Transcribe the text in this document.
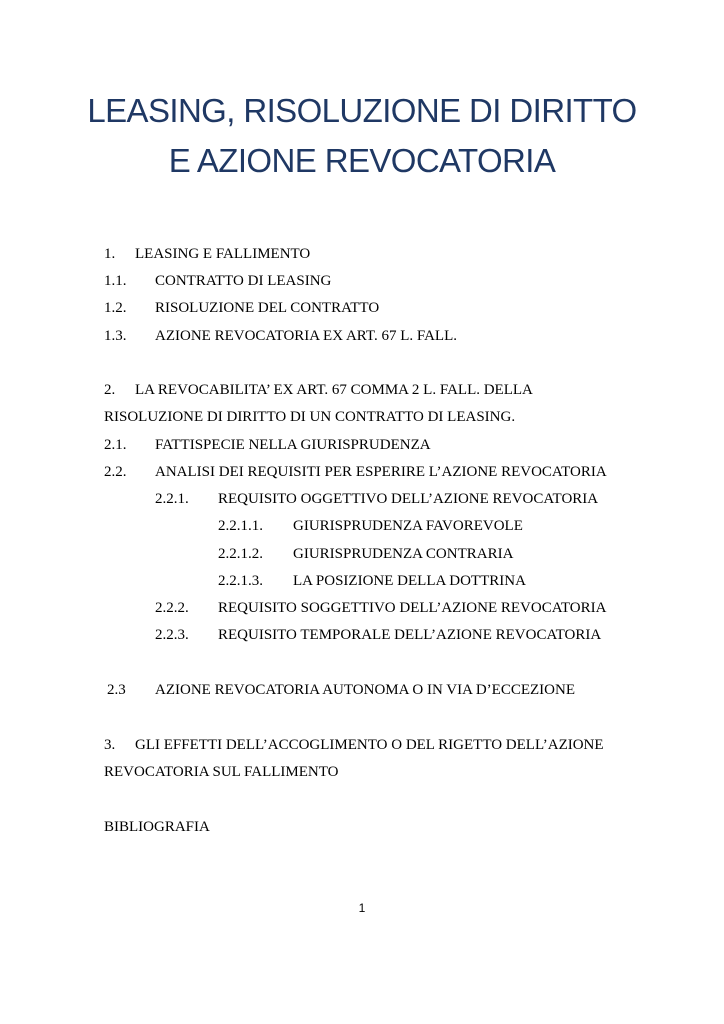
LEASING, RISOLUZIONE DI DIRITTO
E AZIONE REVOCATORIA
1. LEASING E FALLIMENTO
1.1. CONTRATTO DI LEASING
1.2. RISOLUZIONE DEL CONTRATTO
1.3. AZIONE REVOCATORIA EX ART. 67 L. FALL.
2. LA REVOCABILITA’ EX ART. 67 COMMA 2 L. FALL. DELLA
RISOLUZIONE DI DIRITTO DI UN CONTRATTO DI LEASING.
2.1. FATTISPECIE NELLA GIURISPRUDENZA
2.2. ANALISI DEI REQUISITI PER ESPERIRE L’AZIONE REVOCATORIA
2.2.1. REQUISITO OGGETTIVO DELL’AZIONE REVOCATORIA
2.2.1.1. GIURISPRUDENZA FAVOREVOLE
2.2.1.2. GIURISPRUDENZA CONTRARIA
2.2.1.3. LA POSIZIONE DELLA DOTTRINA
2.2.2. REQUISITO SOGGETTIVO DELL’AZIONE REVOCATORIA
2.2.3. REQUISITO TEMPORALE DELL’AZIONE REVOCATORIA
2.3 AZIONE REVOCATORIA AUTONOMA O IN VIA D’ECCEZIONE
3. GLI EFFETTI DELL’ACCOGLIMENTO O DEL RIGETTO DELL’AZIONE
REVOCATORIA SUL FALLIMENTO
BIBLIOGRAFIA
1
